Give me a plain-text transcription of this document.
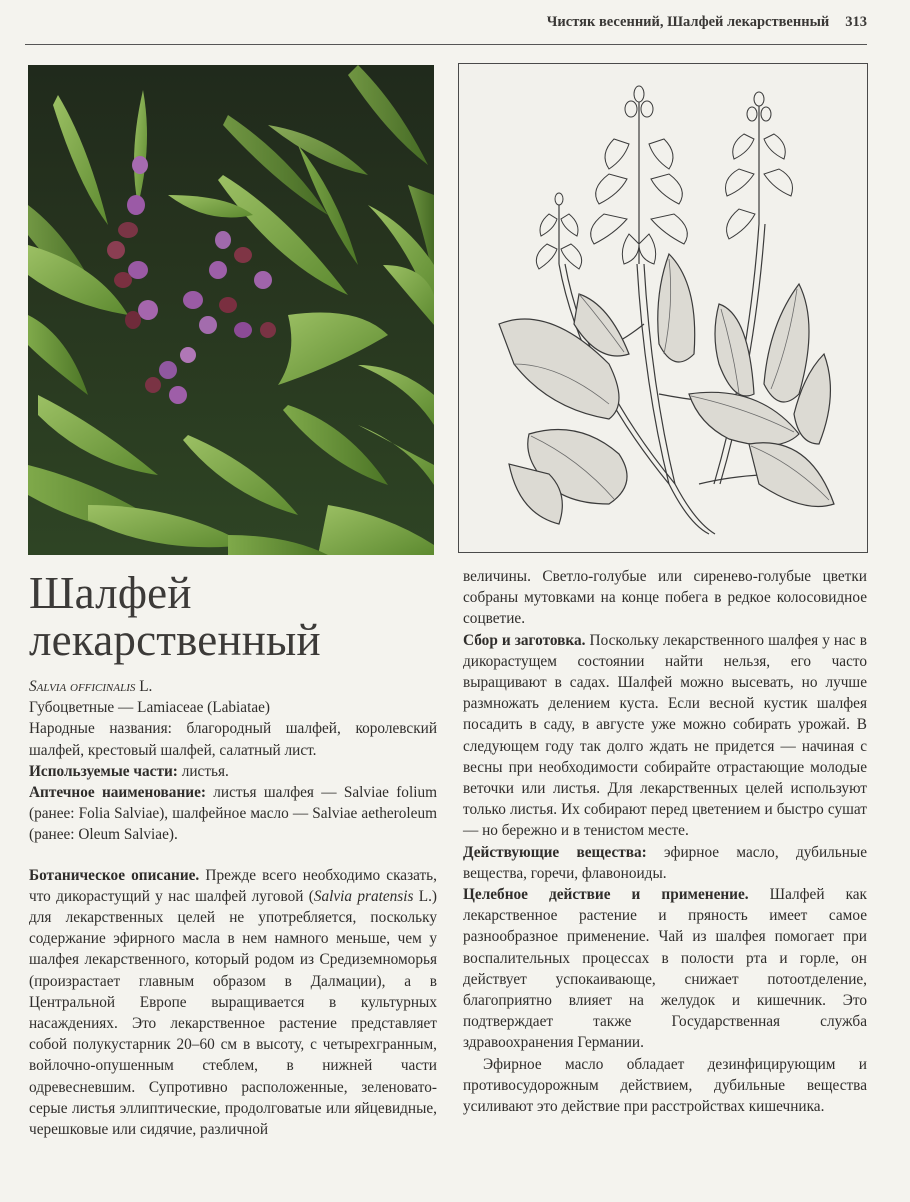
Чистяк весенний, Шалфей лекарственный 313
Шалфей
лекарственный

Salvia officinalis L.

Губоцветные — Lamiaceae (Labiatae)

Народные названия: благородный шалфей, королевский шалфей, крестовый шалфей, салатный лист.

Используемые части: листья.

Аптечное наименование: листья шалфея — Salviae folium (ранее: Folia Salviae), шалфейное масло — Salviae aetheroleum (ранее: Oleum Salviae).

Ботаническое описание. Прежде всего необходимо сказать, что дикорастущий у нас шалфей луговой (Salvia pratensis L.) для лекарственных целей не употребляется, поскольку содержание эфирного масла в нем намного меньше, чем у шалфея лекарственного, который родом из Средиземноморья (произрастает главным образом в Далмации), а в Центральной Европе выращивается в культурных насаждениях. Это лекарственное растение представляет собой полукустарник 20–60 см в высоту, с четырехгранным, войлочно-опушенным стеблем, в нижней части одревесневшим. Супротивно расположенные, зеленовато-серые листья эллиптические, продолговатые или яйцевидные, черешковые или сидячие, различной

величины. Светло-голубые или сиренево-голубые цветки собраны мутовками на конце побега в редкое колосовидное соцветие.

Сбор и заготовка. Поскольку лекарственного шалфея у нас в дикорастущем состоянии найти нельзя, его часто выращивают в садах. Шалфей можно высевать, но лучше размножать делением куста. Если весной кустик шалфея посадить в саду, в августе уже можно собирать урожай. В следующем году так долго ждать не придется — начиная с весны при необходимости собирайте отрастающие молодые веточки или листья. Для лекарственных целей используют только листья. Их собирают перед цветением и быстро сушат — но бережно и в тенистом месте.

Действующие вещества: эфирное масло, дубильные вещества, горечи, флавоноиды.

Целебное действие и применение. Шалфей как лекарственное растение и пряность имеет самое разнообразное применение. Чай из шалфея помогает при воспалительных процессах в полости рта и горле, он действует успокаивающе, снижает потоотделение, благоприятно влияет на желудок и кишечник. Это подтверждает также Государственная служба здравоохранения Германии.

Эфирное масло обладает дезинфицирующим и противосудорожным действием, дубильные вещества усиливают это действие при расстройствах кишечника.
